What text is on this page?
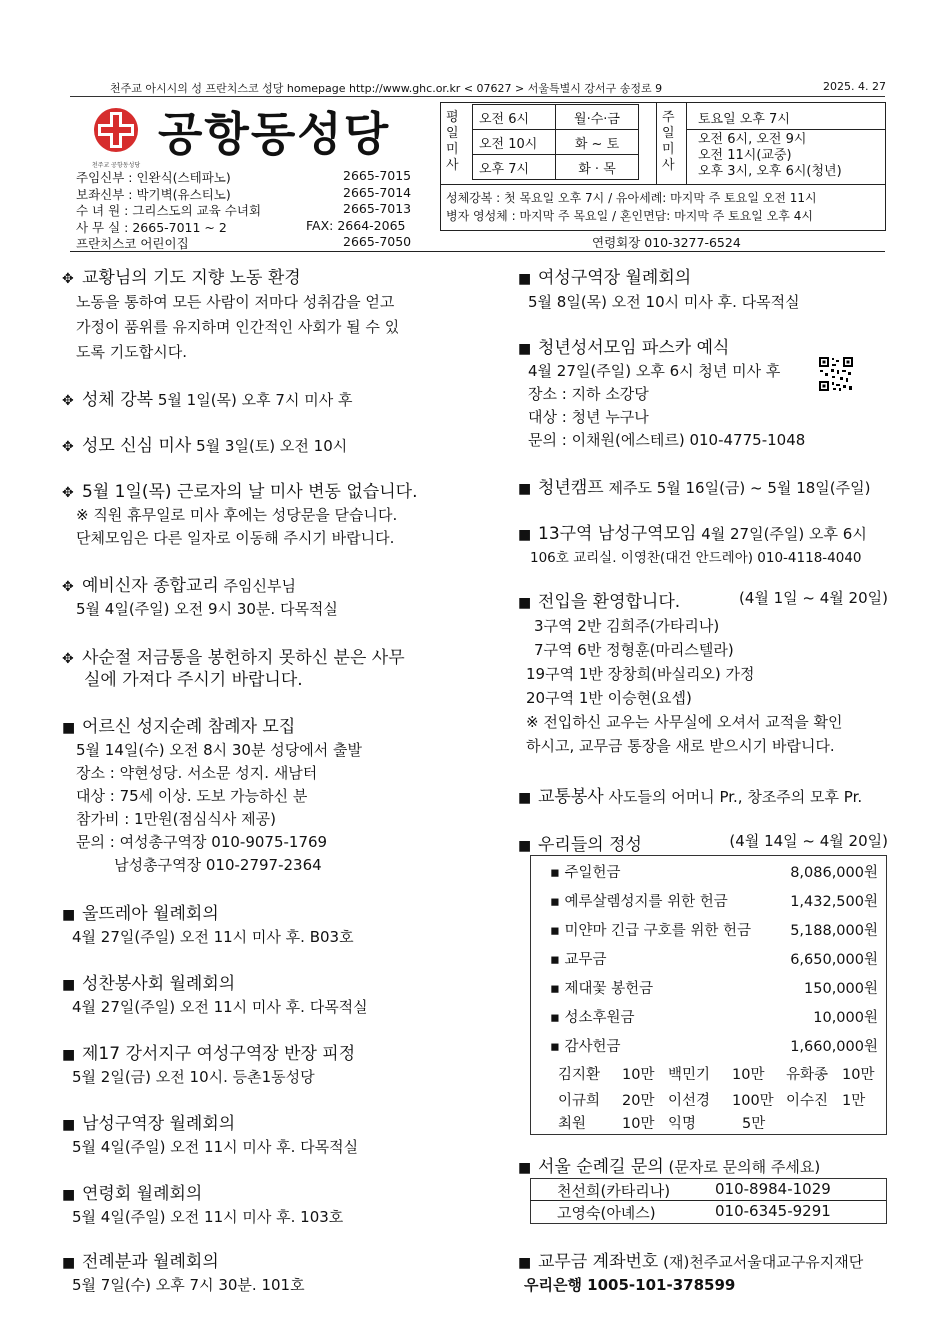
천주교 아시시의 성 프란치스코 성당 homepage http://www.ghc.or.kr < 07627 > 서울특별시 강서구 송정로 9	2025. 4. 27
천주교 공항동성당
공항동성당
주임신부 : 인완식(스테파노)	2665-7015
보좌신부 : 박기벽(유스티노)	2665-7014
수 녀 원 : 그리스도의 교육 수녀회	2665-7013
사 무 실 : 2665-7011 ~ 2	FAX: 2664-2065
프란치스코 어린이집	2665-7050
평일미사
오전 6시	월·수·금
오전 10시	화 ~ 토
오후 7시	화 · 목
주일미사
토요일 오후 7시
오전 6시, 오전 9시
오전 11시(교중)
오후 3시, 오후 6시(청년)
성체강복 : 첫 목요일 오후 7시 / 유아세례: 마지막 주 토요일 오전 11시
병자 영성체 : 마지막 주 목요일 / 혼인면담: 마지막 주 토요일 오후 4시
연령회장 010-3277-6524
✥ 교황님의 기도 지향 노동 환경
노동을 통하여 모든 사람이 저마다 성취감을 얻고
가정이 품위를 유지하며 인간적인 사회가 될 수 있
도록 기도합시다.
✥ 성체 강복 5월 1일(목) 오후 7시 미사 후
✥ 성모 신심 미사 5월 3일(토) 오전 10시
✥ 5월 1일(목) 근로자의 날 미사 변동 없습니다.
※ 직원 휴무일로 미사 후에는 성당문을 닫습니다.
단체모임은 다른 일자로 이동해 주시기 바랍니다.
✥ 예비신자 종합교리 주임신부님
5월 4일(주일) 오전 9시 30분. 다목적실
✥ 사순절 저금통을 봉헌하지 못하신 분은 사무
실에 가져다 주시기 바랍니다.
■ 어르신 성지순례 참례자 모집
5월 14일(수) 오전 8시 30분 성당에서 출발
장소 : 약현성당. 서소문 성지. 새남터
대상 : 75세 이상. 도보 가능하신 분
참가비 : 1만원(점심식사 제공)
문의 : 여성총구역장 010-9075-1769
남성총구역장 010-2797-2364
■ 울뜨레아 월례회의
4월 27일(주일) 오전 11시 미사 후. B03호
■ 성찬봉사회 월례회의
4월 27일(주일) 오전 11시 미사 후. 다목적실
■ 제17 강서지구 여성구역장 반장 피정
5월 2일(금) 오전 10시. 등촌1동성당
■ 남성구역장 월례회의
5월 4일(주일) 오전 11시 미사 후. 다목적실
■ 연령회 월례회의
5월 4일(주일) 오전 11시 미사 후. 103호
■ 전례분과 월례회의
5월 7일(수) 오후 7시 30분. 101호
■ 여성구역장 월례회의
5월 8일(목) 오전 10시 미사 후. 다목적실
■ 청년성서모임 파스카 예식
4월 27일(주일) 오후 6시 청년 미사 후
장소 : 지하 소강당
대상 : 청년 누구나
문의 : 이채원(에스테르) 010-4775-1048
■ 청년캠프 제주도 5월 16일(금) ~ 5월 18일(주일)
■ 13구역 남성구역모임 4월 27일(주일) 오후 6시
106호 교리실. 이영찬(대건 안드레아) 010-4118-4040
■ 전입을 환영합니다.	(4월 1일 ~ 4월 20일)
3구역 2반 김희주(가타리나)
7구역 6반 정형훈(마리스텔라)
19구역 1반 장창희(바실리오) 가정
20구역 1반 이승현(요셉)
※ 전입하신 교우는 사무실에 오셔서 교적을 확인
하시고, 교무금 통장을 새로 받으시기 바랍니다.
■ 교통봉사 사도들의 어머니 Pr., 창조주의 모후 Pr.
■ 우리들의 정성	(4월 14일 ~ 4월 20일)
▪ 주일헌금	8,086,000원
▪ 예루살렘성지를 위한 헌금	1,432,500원
▪ 미얀마 긴급 구호를 위한 헌금	5,188,000원
▪ 교무금	6,650,000원
▪ 제대꽃 봉헌금	150,000원
▪ 성소후원금	10,000원
▪ 감사헌금	1,660,000원
김지환 10만 백민기 10만 유화종 10만
이규희 20만 이선경 100만 이수진 1만
최원 10만 익명	5만
■ 서울 순례길 문의 (문자로 문의해 주세요)
천선희(카타리나)	010-8984-1029
고영숙(아녜스)	010-6345-9291
■ 교무금 계좌번호 (재)천주교서울대교구유지재단
우리은행 1005-101-378599
